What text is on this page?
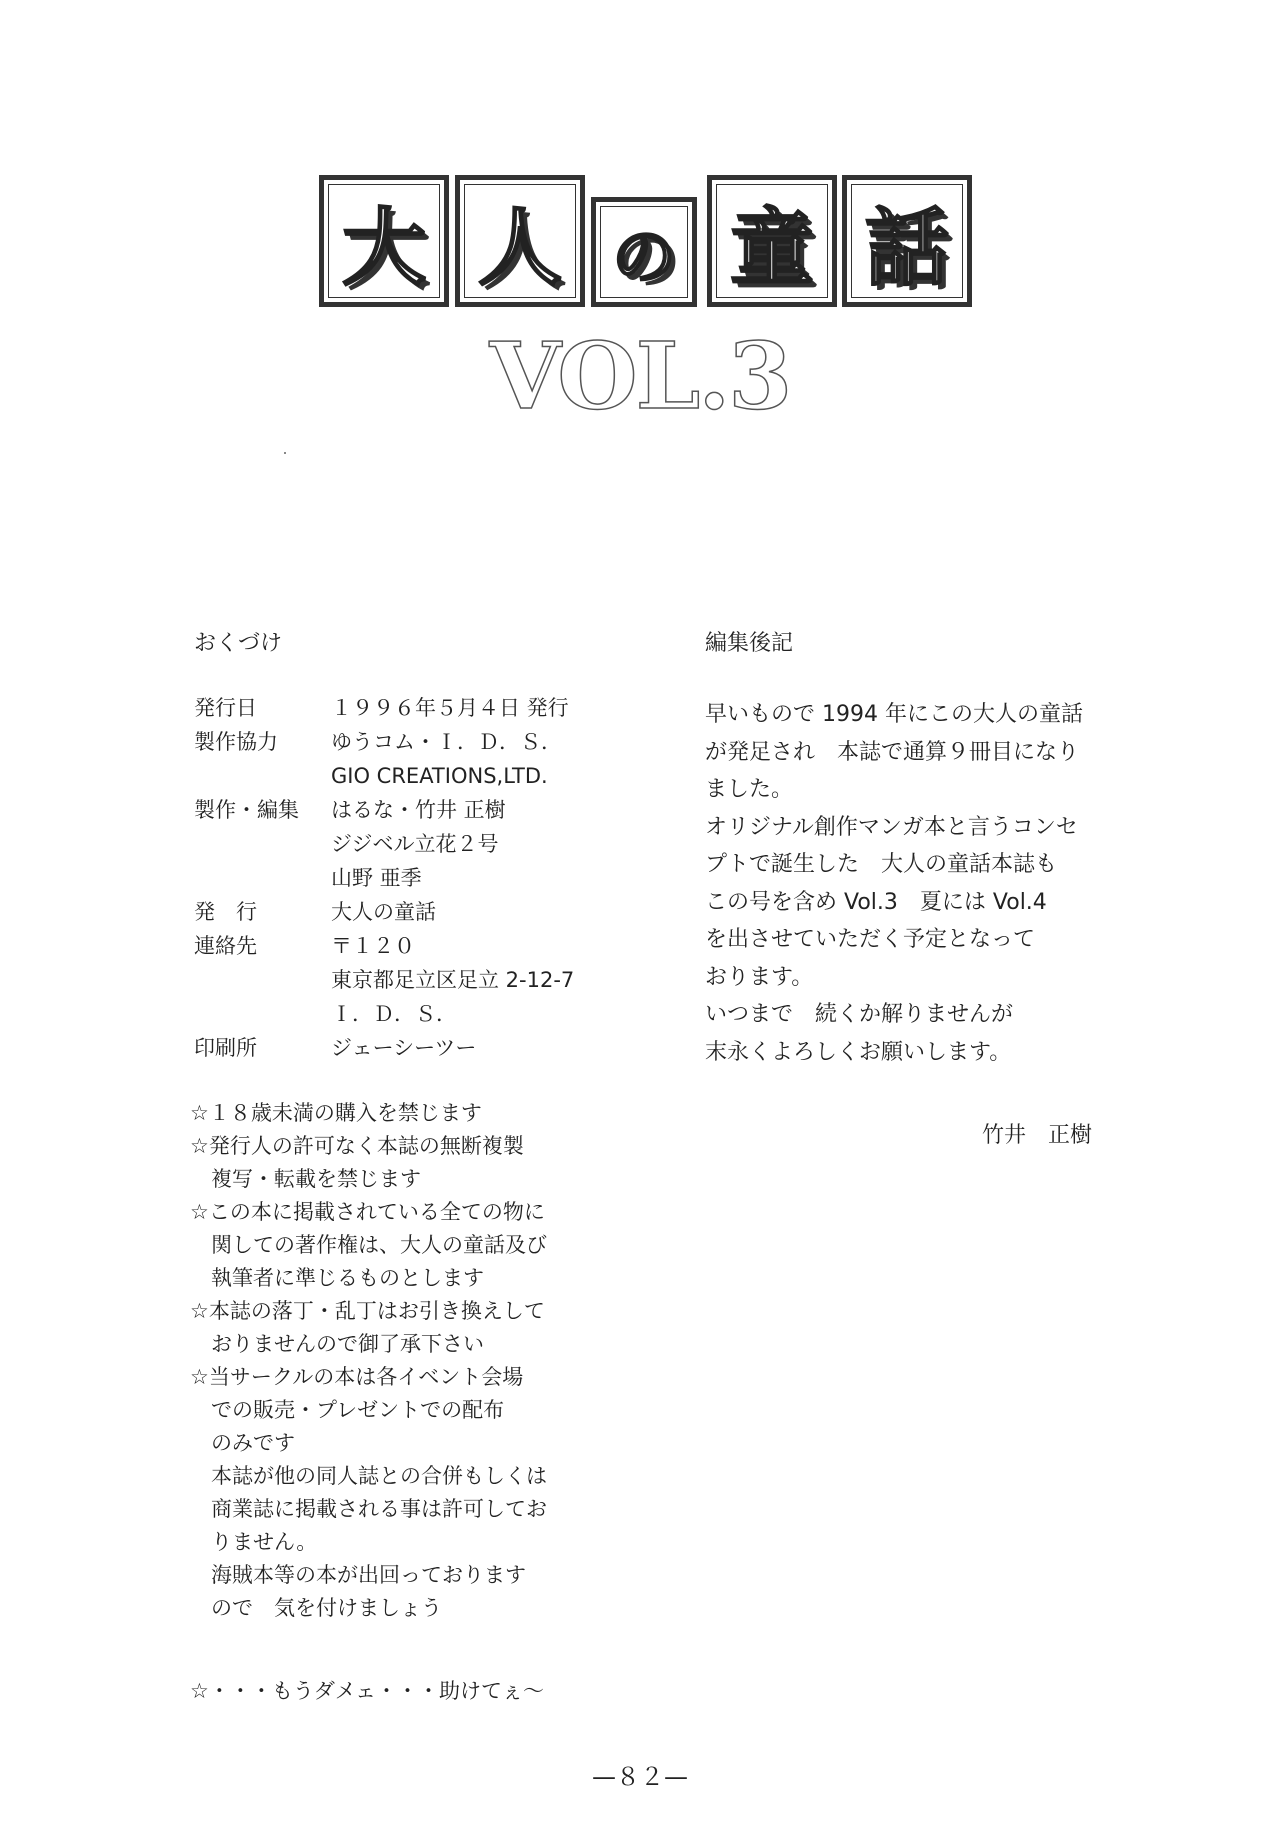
大 人 の 童 話
VOL.3
おくづけ
発行日	１９９６年５月４日 発行
製作協力	ゆうコム・Ｉ．Ｄ．Ｓ．
GIO CREATIONS,LTD.
製作・編集 はるな・竹井 正樹
ジジベル立花２号
山野 亜季
発　行	大人の童話
連絡先	〒１２０
東京都足立区足立 2-12-7
Ｉ．Ｄ．Ｓ．
印刷所	ジェーシーツー
☆１８歳未満の購入を禁じます
☆発行人の許可なく本誌の無断複製
　複写・転載を禁じます
☆この本に掲載されている全ての物に
　関しての著作権は、大人の童話及び
　執筆者に準じるものとします
☆本誌の落丁・乱丁はお引き換えして
　おりませんので御了承下さい
☆当サークルの本は各イベント会場
　での販売・プレゼントでの配布
　のみです
　本誌が他の同人誌との合併もしくは
　商業誌に掲載される事は許可してお
　りません。
　海賊本等の本が出回っております
　ので　気を付けましょう
☆・・・もうダメェ・・・助けてぇ～
編集後記
早いもので 1994 年にこの大人の童話
が発足され　本誌で通算９冊目になり
ました。
オリジナル創作マンガ本と言うコンセ
プトで誕生した　大人の童話本誌も
この号を含め Vol.3　夏には Vol.4
を出させていただく予定となって
おります。
いつまで　続くか解りませんが
末永くよろしくお願いします。
竹井　正樹
—８２—
